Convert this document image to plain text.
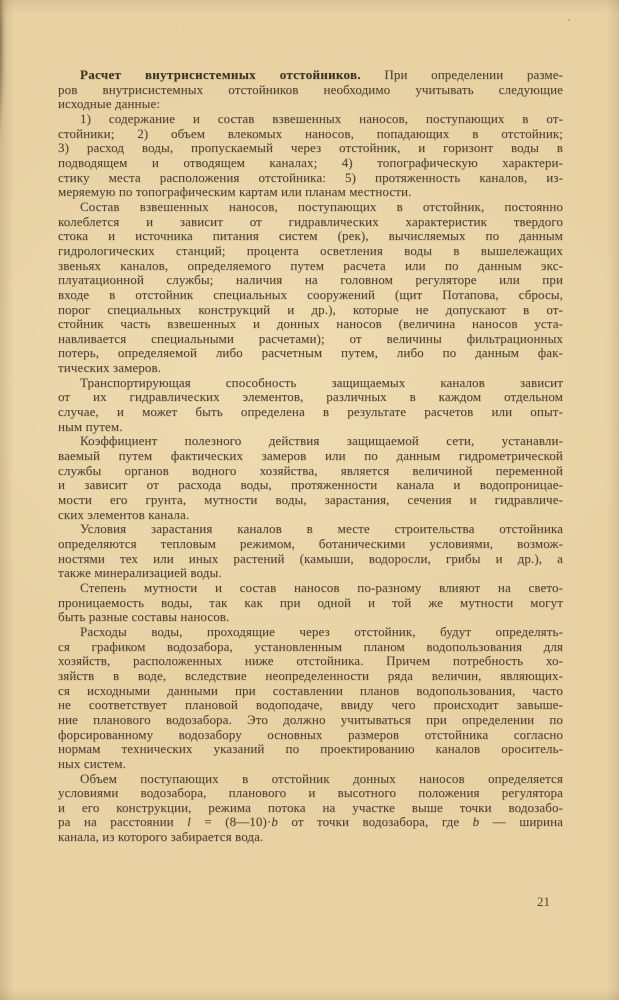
Расчет внутрисистемных отстойников. При определении разме-
ров внутрисистемных отстойников необходимо учитывать следующие
исходные данные:

1) содержание и состав взвешенных наносов, поступающих в от-
стойники; 2) объем влекомых наносов, попадающих в отстойник;
3) расход воды, пропускаемый через отстойник, и горизонт воды в
подводящем и отводящем каналах; 4) топографическую характери-
стику места расположения отстойника: 5) протяженность каналов, из-
меряемую по топографическим картам или планам местности.

Состав взвешенных наносов, поступающих в отстойник, постоянно
колеблется и зависит от гидравлических характеристик твердого
стока и источника питания систем (рек), вычисляемых по данным
гидрологических станций; процента осветления воды в вышележащих
звеньях каналов, определяемого путем расчета или по данным экс-
плуатационной службы; наличия на головном регуляторе или при
входе в отстойник специальных сооружений (щит Потапова, сбросы,
порог специальных конструкций и др.), которые не допускают в от-
стойник часть взвешенных и донных наносов (величина наносов уста-
навливается специальными расчетами); от величины фильтрационных
потерь, определяемой либо расчетным путем, либо по данным фак-
тических замеров.

Транспортирующая способность защищаемых каналов зависит
от их гидравлических элементов, различных в каждом отдельном
случае, и может быть определена в результате расчетов или опыт-
ным путем.

Коэффициент полезного действия защищаемой сети, устанавли-
ваемый путем фактических замеров или по данным гидрометрической
службы органов водного хозяйства, является величиной переменной
и зависит от расхода воды, протяженности канала и водопроницае-
мости его грунта, мутности воды, зарастания, сечения и гидравличе-
ских элементов канала.

Условия зарастания каналов в месте строительства отстойника
определяются тепловым режимом, ботаническими условиями, возмож-
ностями тех или иных растений (камыши, водоросли, грибы и др.), а
также минерализацией воды.

Степень мутности и состав наносов по-разному влияют на свето-
проницаемость воды, так как при одной и той же мутности могут
быть разные составы наносов.

Расходы воды, проходящие через отстойник, будут определять-
ся графиком водозабора, установленным планом водопользования для
хозяйств, расположенных ниже отстойника. Причем потребность хо-
зяйств в воде, вследствие неопределенности ряда величин, являющих-
ся исходными данными при составлении планов водопользования, часто
не соответствует плановой водоподаче, ввиду чего происходит завыше-
ние планового водозабора. Это должно учитываться при определении по
форсированному водозабору основных размеров отстойника согласно
нормам технических указаний по проектированию каналов ороситель-
ных систем.

Объем поступающих в отстойник донных наносов определяется
условиями водозабора, планового и высотного положения регулятора
и его конструкции, режима потока на участке выше точки водозабо-
ра на расстоянии l = (8—10)·b от точки водозабора, где b — ширина
канала, из которого забирается вода.

21
